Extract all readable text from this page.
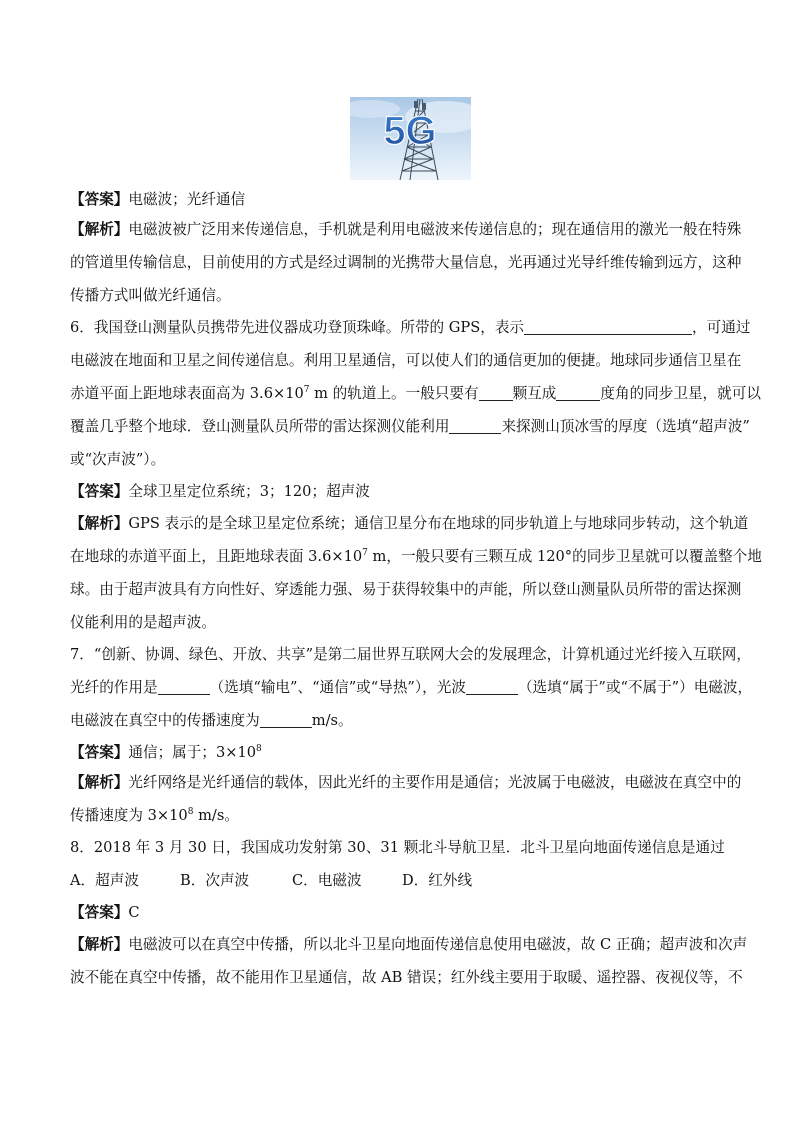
5G
【答案】电磁波；光纤通信
【解析】电磁波被广泛用来传递信息，手机就是利用电磁波来传递信息的；现在通信用的激光一般在特殊
的管道里传输信息，目前使用的方式是经过调制的光携带大量信息，光再通过光导纤维传输到远方，这种
传播方式叫做光纤通信。
6．我国登山测量队员携带先进仪器成功登顶珠峰。所带的 GPS，表示	，可通过
电磁波在地面和卫星之间传递信息。利用卫星通信，可以使人们的通信更加的便捷。地球同步通信卫星在
赤道平面上距地球表面高为 $3.6\times 10^7$ m 的轨道上。一般只要有 颗互成	度角的同步卫星，就可以
覆盖几乎整个地球．登山测量队员所带的雷达探测仪能利用	来探测山顶冰雪的厚度（选填“超声波”
或“次声波”）。
【答案】全球卫星定位系统；3；120；超声波
【解析】GPS 表示的是全球卫星定位系统；通信卫星分布在地球的同步轨道上与地球同步转动，这个轨道
在地球的赤道平面上，且距地球表面 $3.6\times 10^7$ m，一般只要有三颗互成 120°的同步卫星就可以覆盖整个地
球。由于超声波具有方向性好、穿透能力强、易于获得较集中的声能，所以登山测量队员所带的雷达探测
仪能利用的是超声波。
7．“创新、协调、绿色、开放、共享”是第二届世界互联网大会的发展理念，计算机通过光纤接入互联网，
光纤的作用是	（选填“输电”、“通信”或“导热”），光波	（选填“属于”或“不属于”）电磁波，
电磁波在真空中的传播速度为	m/s。
【答案】通信；属于；$3\times 10^8$
【解析】光纤网络是光纤通信的载体，因此光纤的主要作用是通信；光波属于电磁波，电磁波在真空中的
传播速度为 $3\times 10^8$ m/s。
8．2018 年 3 月 30 日，我国成功发射第 30、31 颗北斗导航卫星．北斗卫星向地面传递信息是通过
A．超声波	B．次声波	C．电磁波	D．红外线
【答案】C
【解析】电磁波可以在真空中传播，所以北斗卫星向地面传递信息使用电磁波，故 C 正确；超声波和次声
波不能在真空中传播，故不能用作卫星通信，故 AB 错误；红外线主要用于取暖、遥控器、夜视仪等，不
